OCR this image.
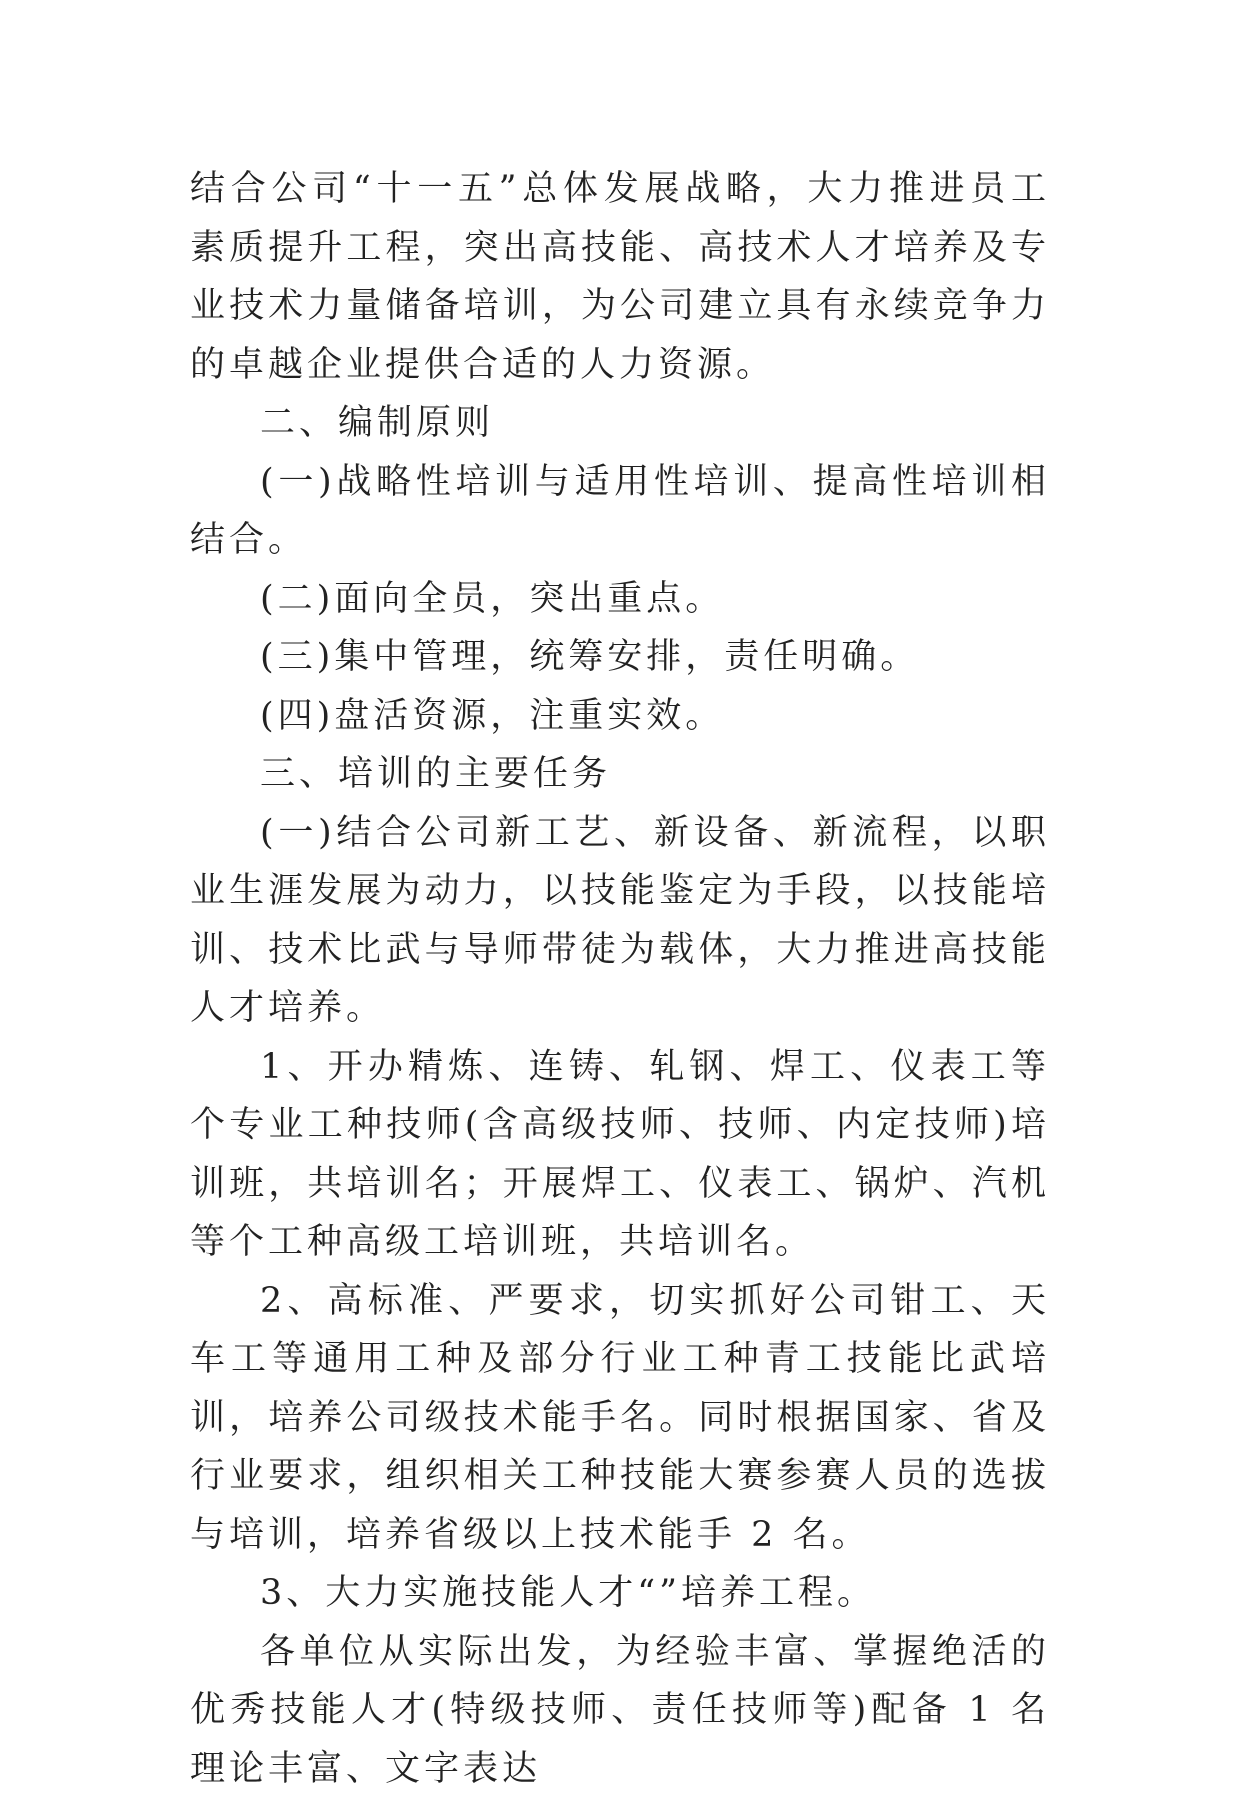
结合公司“十一五”总体发展战略，大力推进员工素质提升工程，突出高技能、高技术人才培养及专业技术力量储备培训，为公司建立具有永续竞争力的卓越企业提供合适的人力资源。

二、编制原则

(一)战略性培训与适用性培训、提高性培训相结合。

(二)面向全员，突出重点。

(三)集中管理，统筹安排，责任明确。

(四)盘活资源，注重实效。

三、培训的主要任务

(一)结合公司新工艺、新设备、新流程，以职业生涯发展为动力，以技能鉴定为手段，以技能培训、技术比武与导师带徒为载体，大力推进高技能人才培养。

1、开办精炼、连铸、轧钢、焊工、仪表工等个专业工种技师(含高级技师、技师、内定技师)培训班，共培训名；开展焊工、仪表工、锅炉、汽机等个工种高级工培训班，共培训名。

2、高标准、严要求，切实抓好公司钳工、天车工等通用工种及部分行业工种青工技能比武培训，培养公司级技术能手名。同时根据国家、省及行业要求，组织相关工种技能大赛参赛人员的选拔与培训，培养省级以上技术能手 2 名。

3、大力实施技能人才“”培养工程。

各单位从实际出发，为经验丰富、掌握绝活的优秀技能人才(特级技师、责任技师等)配备 1 名理论丰富、文字表达
